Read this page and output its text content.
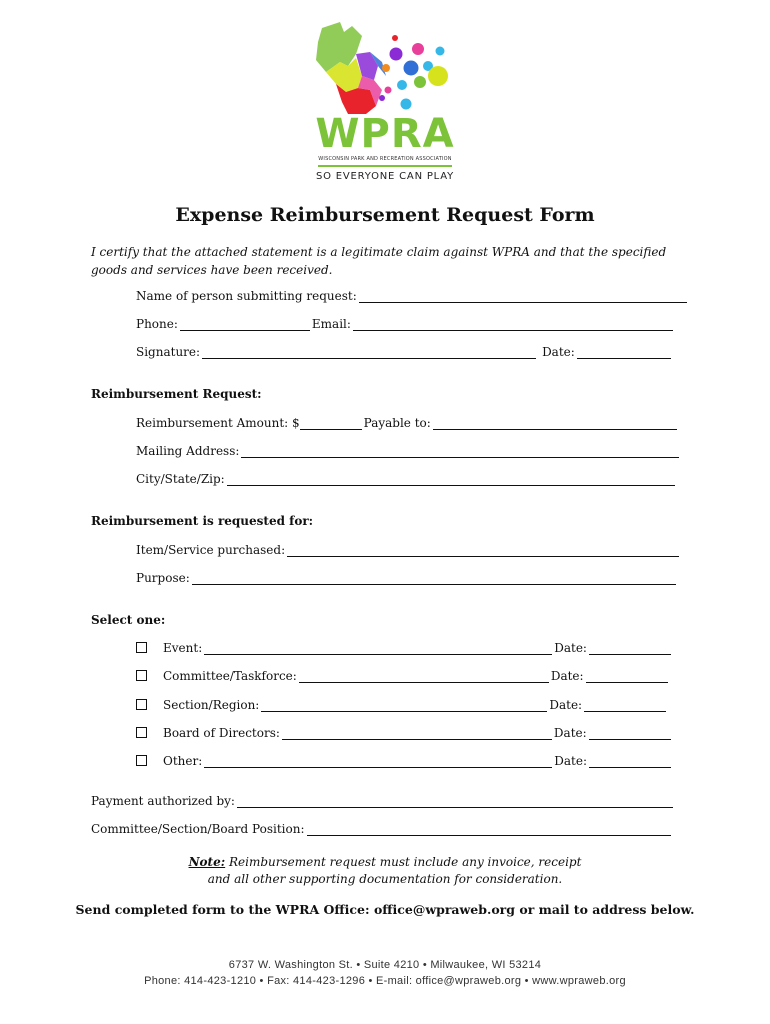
WPRA
WISCONSIN PARK AND RECREATION ASSOCIATION
SO EVERYONE CAN PLAY
Expense Reimbursement Request Form
I certify that the attached statement is a legitimate claim against WPRA and that the specified goods and services have been received.
Name of person submitting request:
Phone:	Email:
Signature:	Date:
Reimbursement Request:
Reimbursement Amount: $	Payable to:
Mailing Address:
City/State/Zip:
Reimbursement is requested for:
Item/Service purchased:
Purpose:
Select one:
Event:	Date:
Committee/Taskforce:	Date:
Section/Region:	Date:
Board of Directors:	Date:
Other:	Date:
Payment authorized by:
Committee/Section/Board Position:
Note: Reimbursement request must include any invoice, receipt
and all other supporting documentation for consideration.
Send completed form to the WPRA Office: office@wpraweb.org or mail to address below.
6737 W. Washington St. • Suite 4210 • Milwaukee, WI 53214
Phone: 414-423-1210 • Fax: 414-423-1296 • E-mail: office@wpraweb.org • www.wpraweb.org
